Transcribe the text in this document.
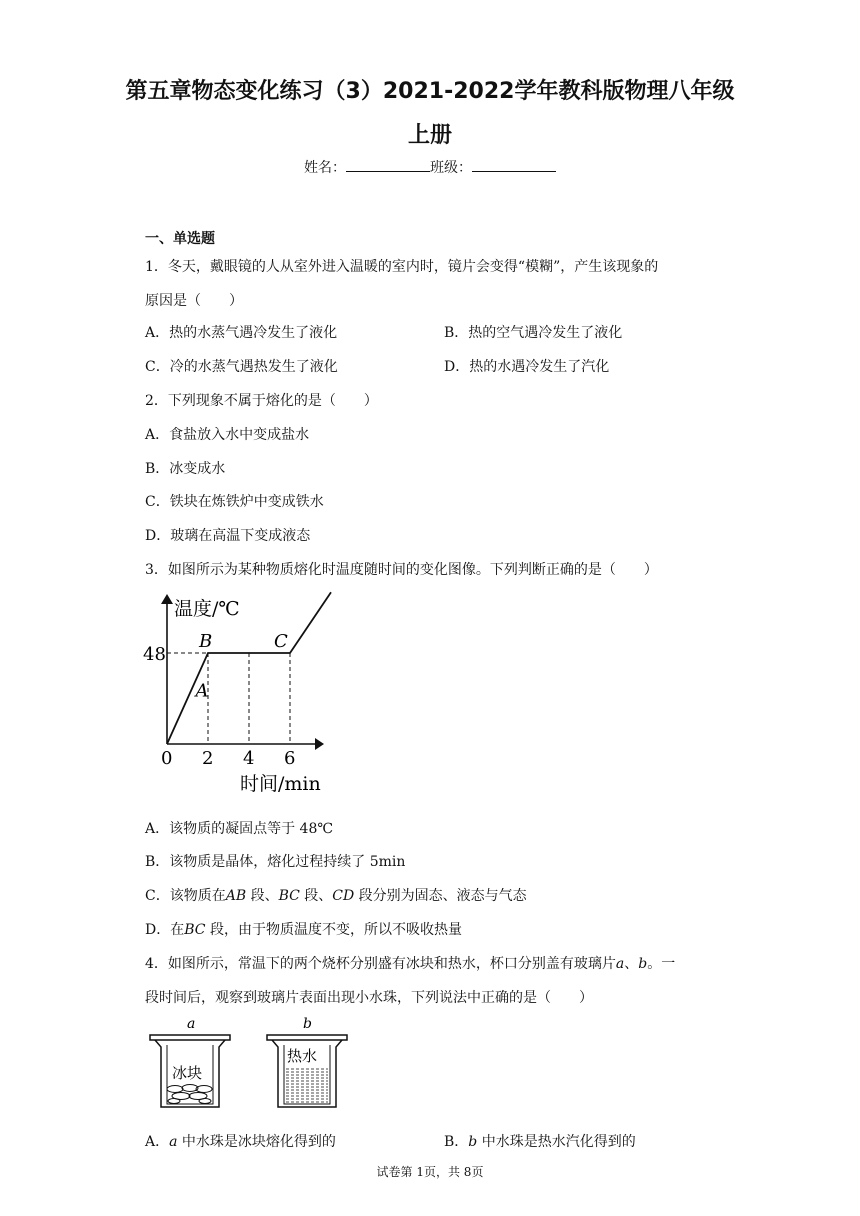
第五章物态变化练习（3）2021-2022学年教科版物理八年级
上册
姓名：	班级：
一、单选题
1．冬天，戴眼镜的人从室外进入温暖的室内时，镜片会变得“模糊”，产生该现象的
原因是（　　）
A．热的水蒸气遇冷发生了液化	B．热的空气遇冷发生了液化
C．冷的水蒸气遇热发生了液化	D．热的水遇冷发生了汽化
2．下列现象不属于熔化的是（　　）
A．食盐放入水中变成盐水
B．冰变成水
C．铁块在炼铁炉中变成铁水
D．玻璃在高温下变成液态
3．如图所示为某种物质熔化时温度随时间的变化图像。下列判断正确的是（　　）
温度/℃
时间/min
0 2 4 6
48
A
B	C
A．该物质的凝固点等于 48℃
B．该物质是晶体，熔化过程持续了 5min
C．该物质在AB 段、BC 段、CD 段分别为固态、液态与气态
D．在BC 段，由于物质温度不变，所以不吸收热量
4．如图所示，常温下的两个烧杯分别盛有冰块和热水，杯口分别盖有玻璃片a、b。一
段时间后，观察到玻璃片表面出现小水珠，下列说法中正确的是（　　）
a
冰块
b
热水
A．a 中水珠是冰块熔化得到的	B．b 中水珠是热水汽化得到的
试卷第 1页，共 8页
